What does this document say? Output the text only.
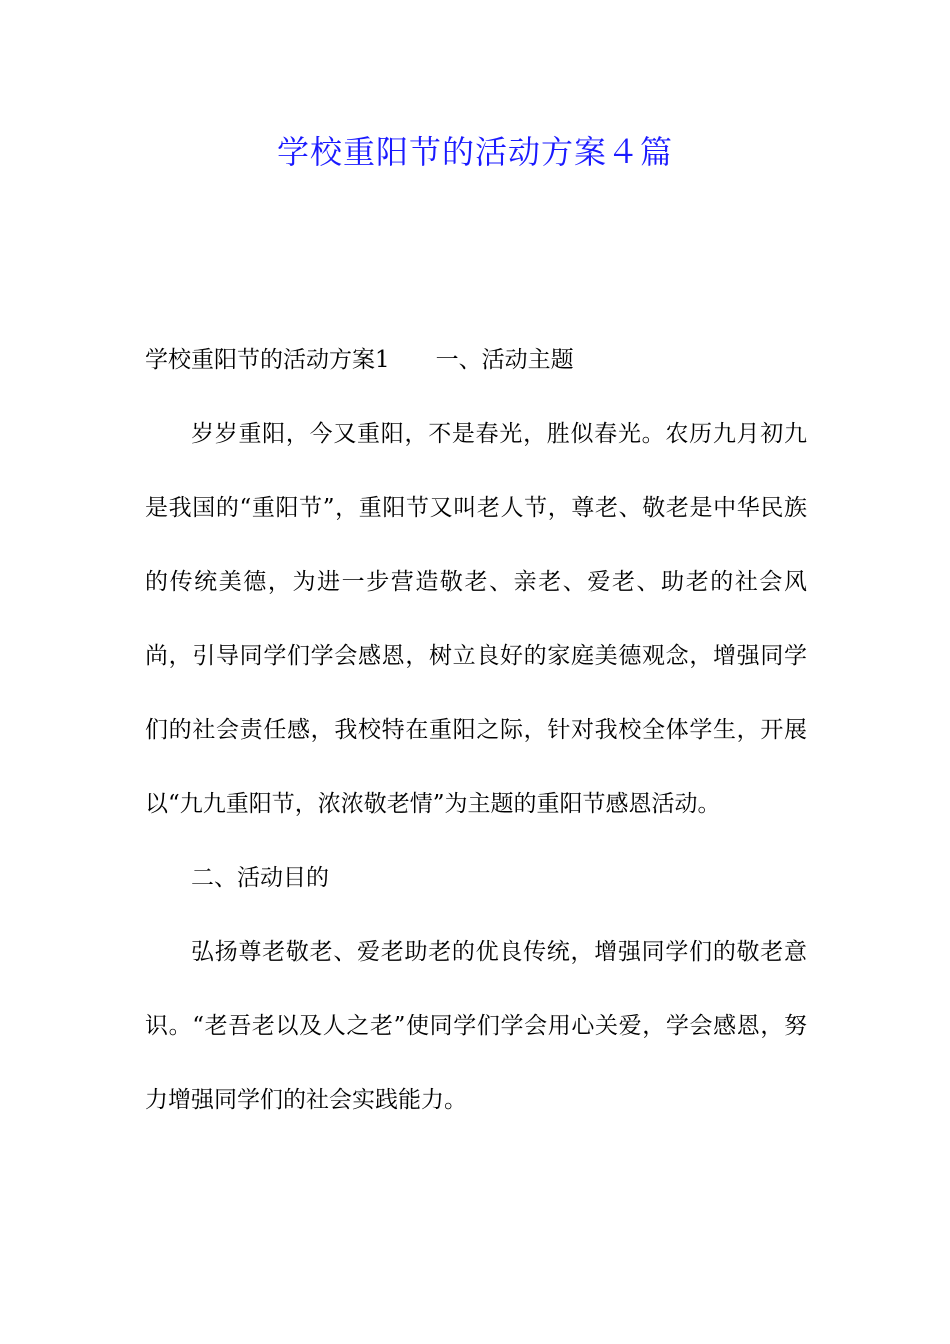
学校重阳节的活动方案４篇

学校重阳节的活动方案1 一、活动主题

岁岁重阳，今又重阳，不是春光，胜似春光。农历九月初九是我国的“重阳节”，重阳节又叫老人节，尊老、敬老是中华民族的传统美德，为进一步营造敬老、亲老、爱老、助老的社会风尚，引导同学们学会感恩，树立良好的家庭美德观念，增强同学们的社会责任感，我校特在重阳之际，针对我校全体学生，开展以“九九重阳节，浓浓敬老情”为主题的重阳节感恩活动。

二、活动目的

弘扬尊老敬老、爱老助老的优良传统，增强同学们的敬老意识。“老吾老以及人之老”使同学们学会用心关爱，学会感恩，努力增强同学们的社会实践能力。
